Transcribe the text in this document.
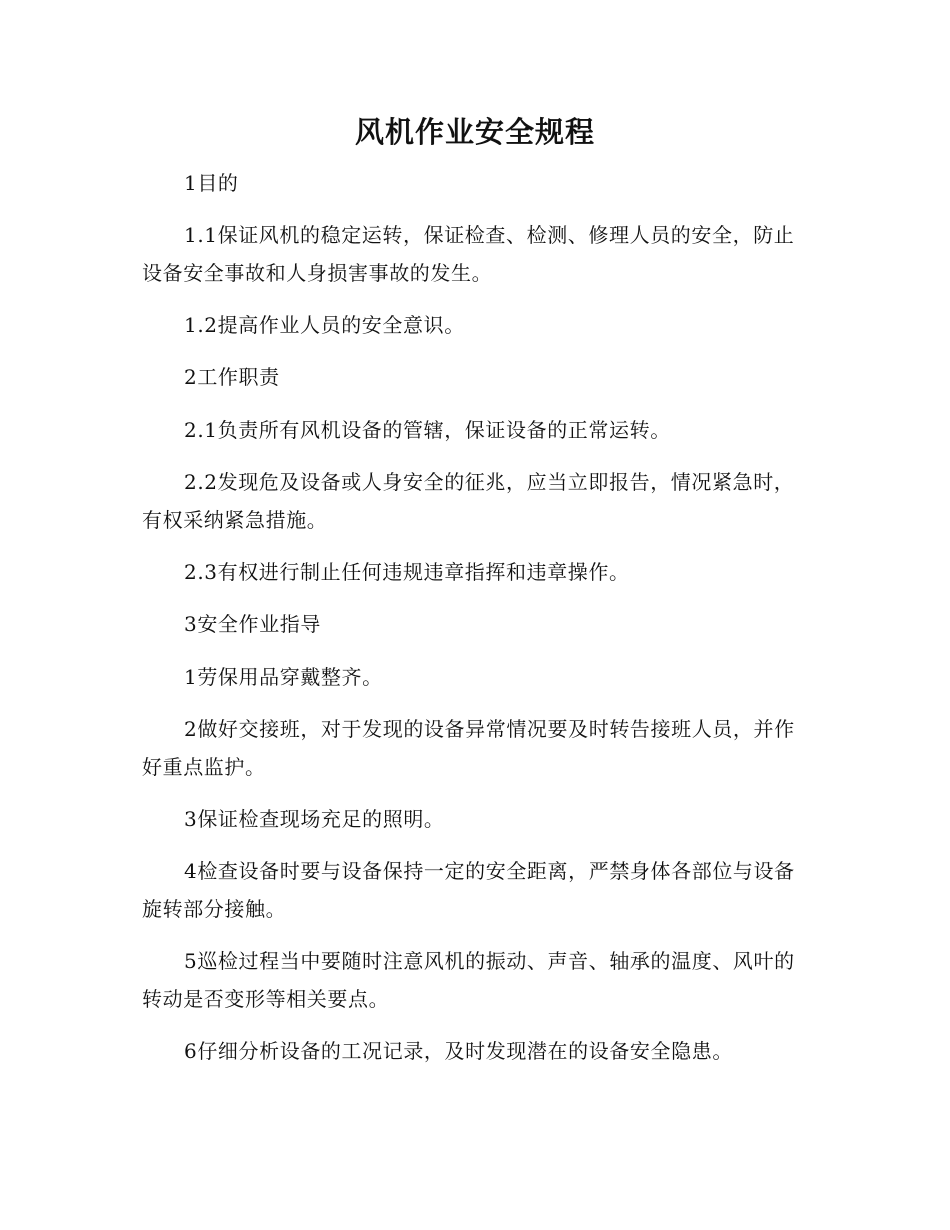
风机作业安全规程

1目的

1.1保证风机的稳定运转，保证检查、检测、修理人员的安全，防止设备安全事故和人身损害事故的发生。

1.2提高作业人员的安全意识。

2工作职责

2.1负责所有风机设备的管辖，保证设备的正常运转。

2.2发现危及设备或人身安全的征兆，应当立即报告，情况紧急时，有权采纳紧急措施。

2.3有权进行制止任何违规违章指挥和违章操作。

3安全作业指导

1劳保用品穿戴整齐。

2做好交接班，对于发现的设备异常情况要及时转告接班人员，并作好重点监护。

3保证检查现场充足的照明。

4检查设备时要与设备保持一定的安全距离，严禁身体各部位与设备旋转部分接触。

5巡检过程当中要随时注意风机的振动、声音、轴承的温度、风叶的转动是否变形等相关要点。

6仔细分析设备的工况记录，及时发现潜在的设备安全隐患。
